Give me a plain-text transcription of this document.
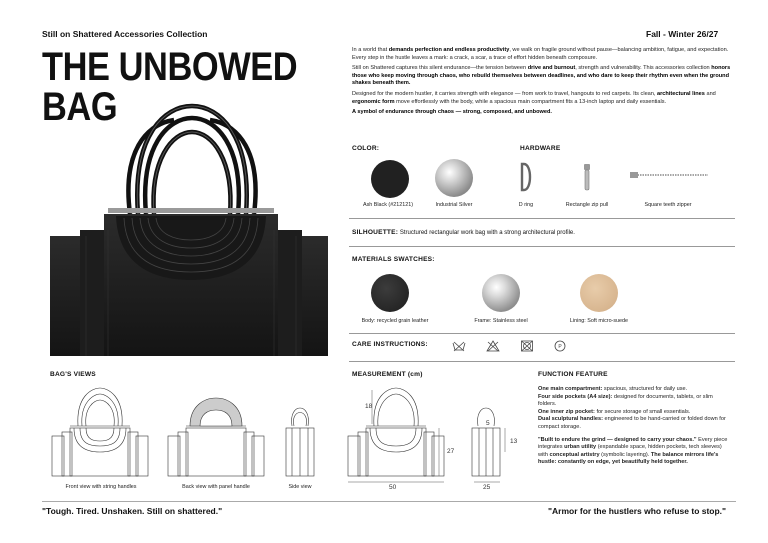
Still on Shattered Accessories Collection	Fall - Winter 26/27
THE UNBOWED BAG

In a world that demands perfection and endless productivity, we walk on fragile ground without pause—balancing ambition, fatigue, and expectation. Every step in the hustle leaves a mark: a crack, a scar, a trace of effort hidden beneath composure.

Still on Shattered captures this silent endurance—the tension between drive and burnout, strength and vulnerability. This accessories collection honors those who keep moving through chaos, who rebuild themselves between deadlines, and who dare to keep their rhythm even when the ground shakes beneath them.

Designed for the modern hustler, it carries strength with elegance — from work to travel, hangouts to red carpets. Its clean, architectural lines and ergonomic form move effortlessly with the body, while a spacious main compartment fits a 13-inch laptop and daily essentials.

A symbol of endurance through chaos — strong, composed, and unbowed.

COLOR:
Ash Black (#212121)	Industrial Silver
HARDWARE
D ring	Rectangle zip pull	Square teeth zipper
SILHOUETTE: Structured rectangular work bag with a strong architectural profile.
MATERIALS SWATCHES:
Body: recycled grain leather	Frame: Stainless steel	Lining: Soft micro-suede
CARE INSTRUCTIONS:	P
BAG'S VIEWS
Front view with string handles	Back view with panel handle	Side view
MEASUREMENT (cm)
18
27
50
5
13
25
FUNCTION FEATURE

One main compartment: spacious, structured for daily use.

Four side pockets (A4 size): designed for documents, tablets, or slim folders.

One inner zip pocket: for secure storage of small essentials.

Dual sculptural handles: engineered to be hand-carried or folded down for compact storage.

"Built to endure the grind — designed to carry your chaos." Every piece integrates urban utility (expandable space, hidden pockets, tech sleeves) with conceptual artistry (symbolic layering). The balance mirrors life's hustle: constantly on edge, yet beautifully held together.

"Tough. Tired. Unshaken. Still on shattered."	"Armor for the hustlers who refuse to stop."
